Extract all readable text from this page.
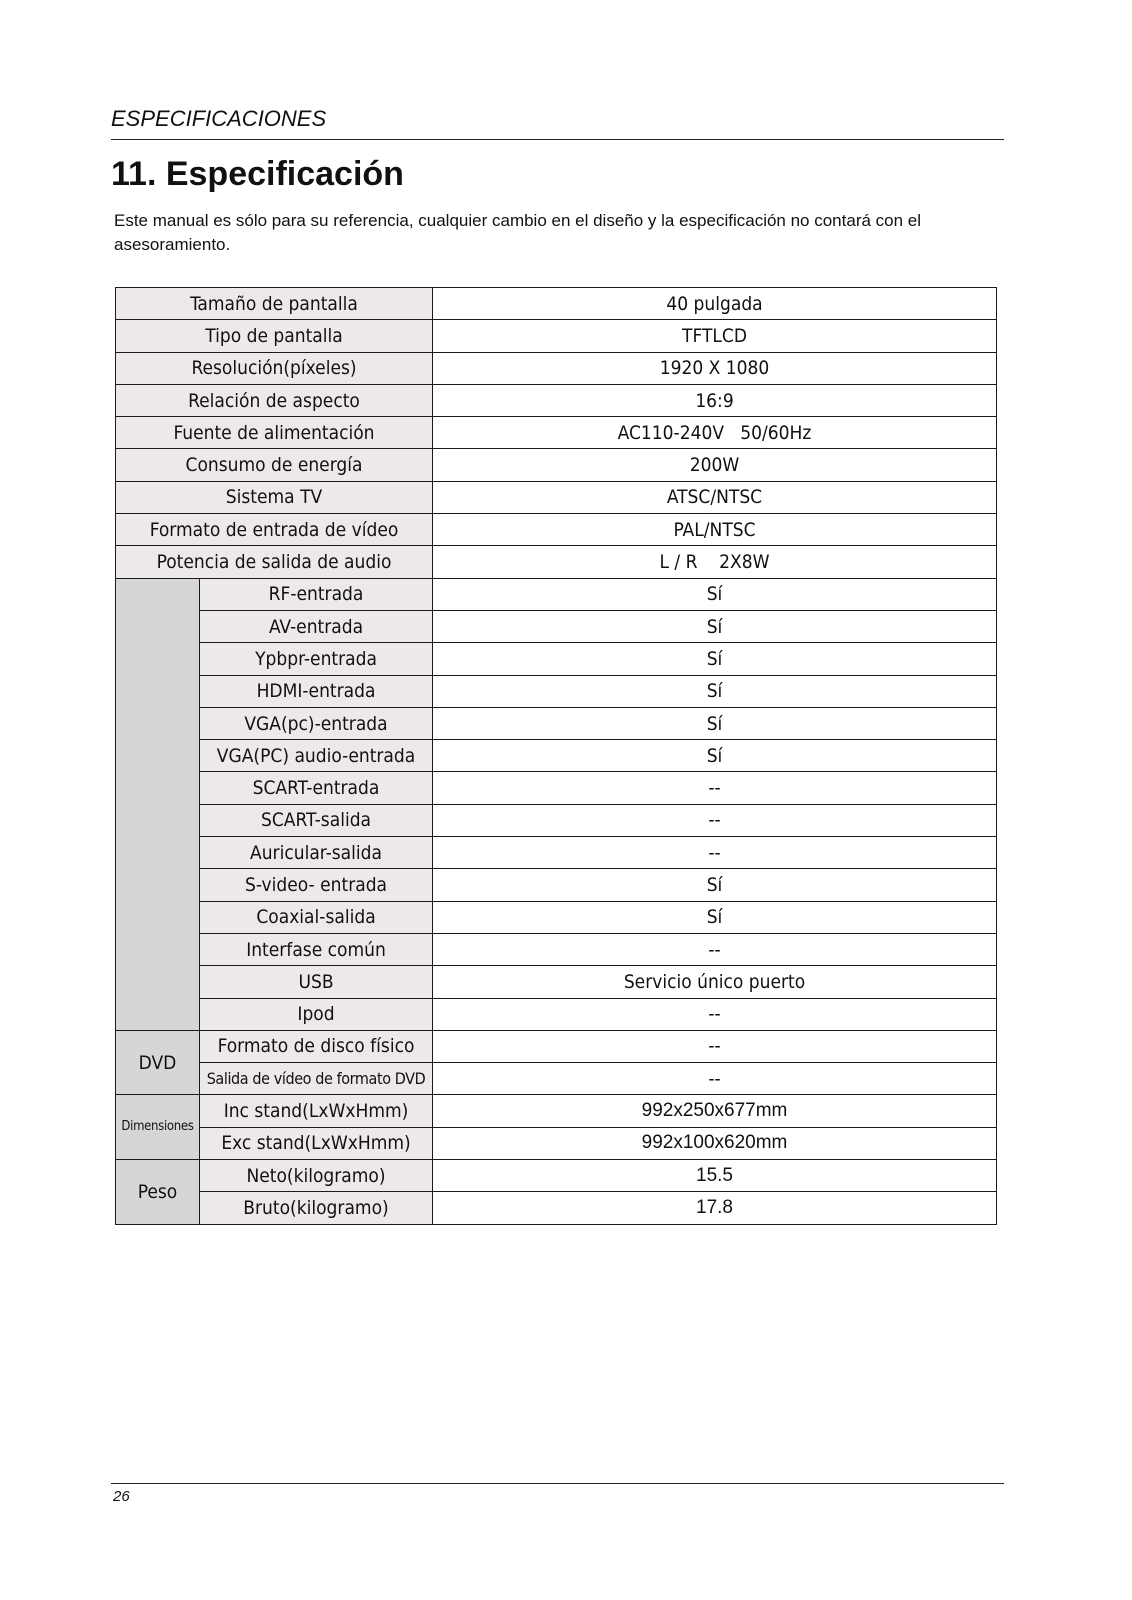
ESPECIFICACIONES
11. Especificación

Este manual es sólo para su referencia, cualquier cambio en el diseño y la especificación no contará con el asesoramiento.

Tamaño de pantalla		40 pulgada
Tipo de pantalla		TFTLCD
Resolución(píxeles)		1920 X 1080
Relación de aspecto		16:9
Fuente de alimentación		AC110-240V   50/60Hz
Consumo de energía		200W
Sistema TV		ATSC/NTSC
Formato de entrada de vídeo		PAL/NTSC
Potencia de salida de audio		L / R    2X8W
	RF-entrada	Sí
	AV-entrada	Sí
	Ypbpr-entrada	Sí
	HDMI-entrada	Sí
	VGA(pc)-entrada	Sí
	VGA(PC) audio-entrada	Sí
	SCART-entrada	--
	SCART-salida	--
	Auricular-salida	--
	S-video- entrada	Sí
	Coaxial-salida	Sí
	Interfase común	--
	USB	Servicio único puerto
	Ipod	--
DVD	Formato de disco físico	--
	Salida de vídeo de formato DVD	--
Dimensiones	Inc stand(LxWxHmm)	992x250x677mm
	Exc stand(LxWxHmm)	992x100x620mm
Peso	Neto(kilogramo)	15.5
	Bruto(kilogramo)	17.8
26
